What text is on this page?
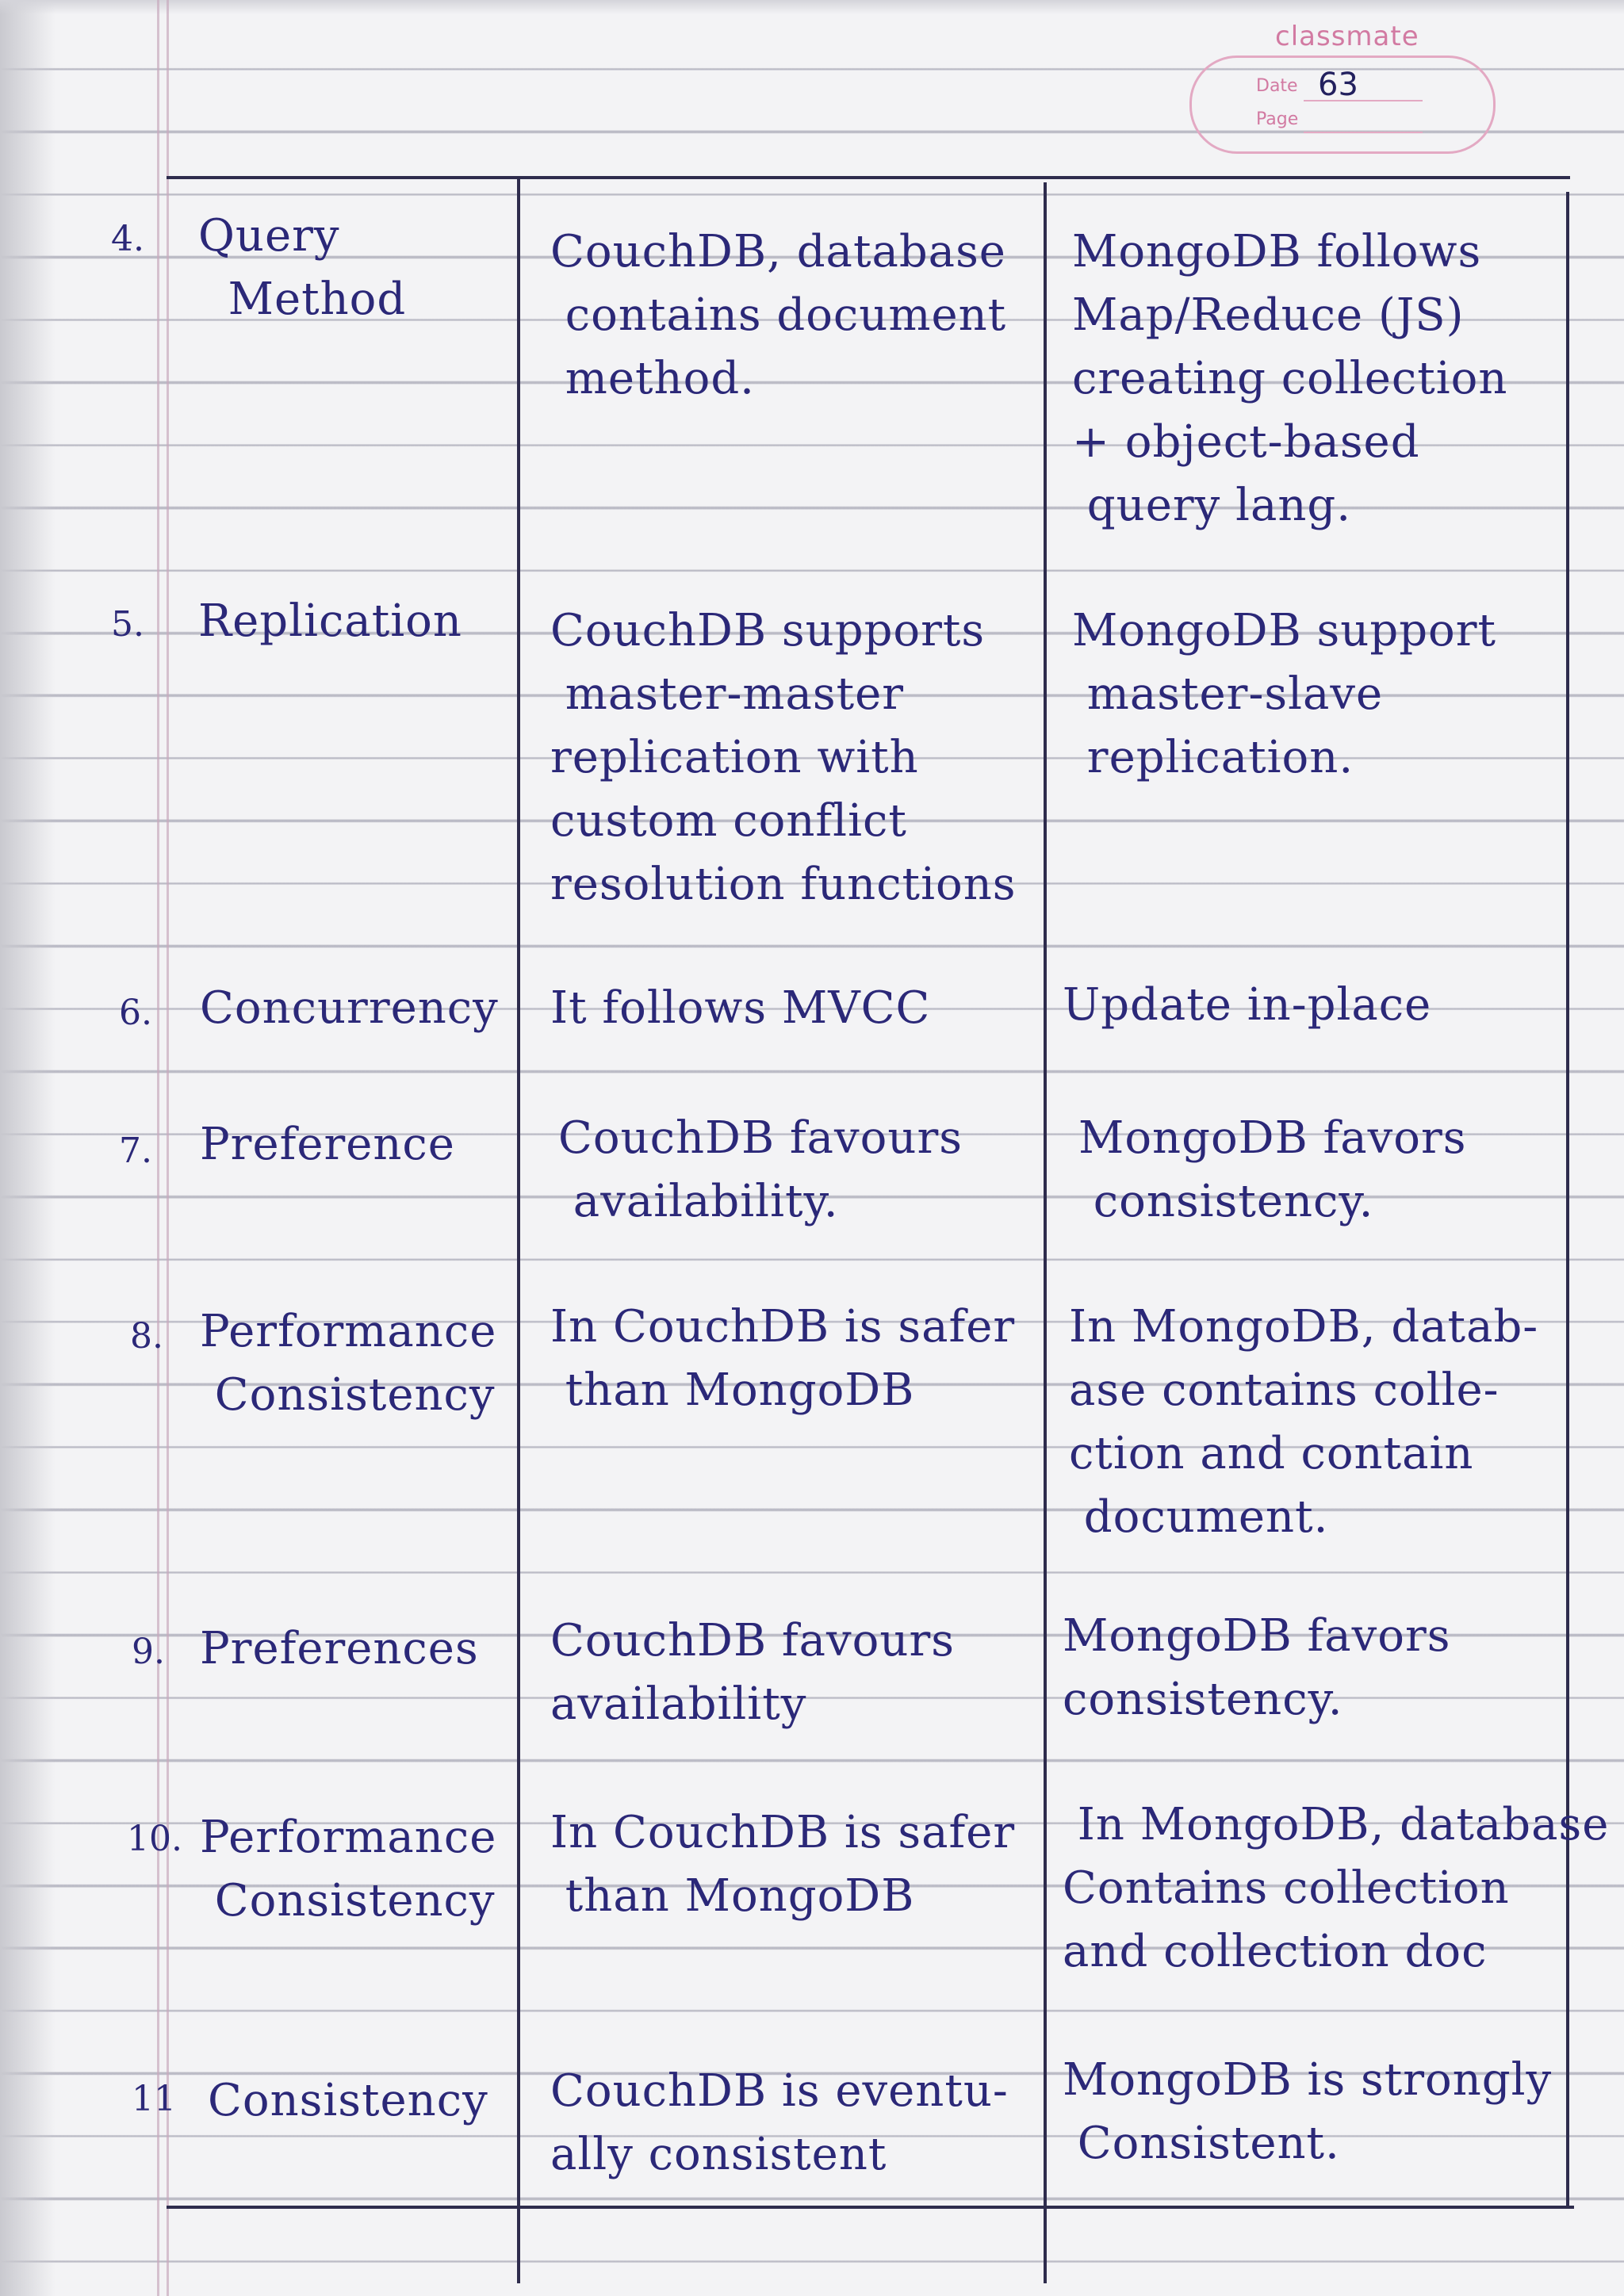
classmate
Date
Page
63
4. Query
Method
CouchDB, database
contains document
method.
MongoDB follows
Map/Reduce (JS)
creating collection
+ object-based
query lang.
5. Replication CouchDB supports
master-master
replication with
custom conflict
resolution functions
MongoDB support
master-slave
replication.
6. Concurrency It follows MVCC	Update in-place
7. Preference CouchDB favours
availability.
MongoDB favors
consistency.
8. Performance
Consistency
In CouchDB is safer
than MongoDB
In MongoDB, datab-
ase contains colle-
ction and contain
document.
9. Preferences CouchDB favours
availability
MongoDB favors
consistency.
10. Performance
Consistency
In CouchDB is safer
than MongoDB
In MongoDB, database
Contains collection
and collection doc
11 Consistency CouchDB is eventu-
ally consistent
MongoDB is strongly
Consistent.
